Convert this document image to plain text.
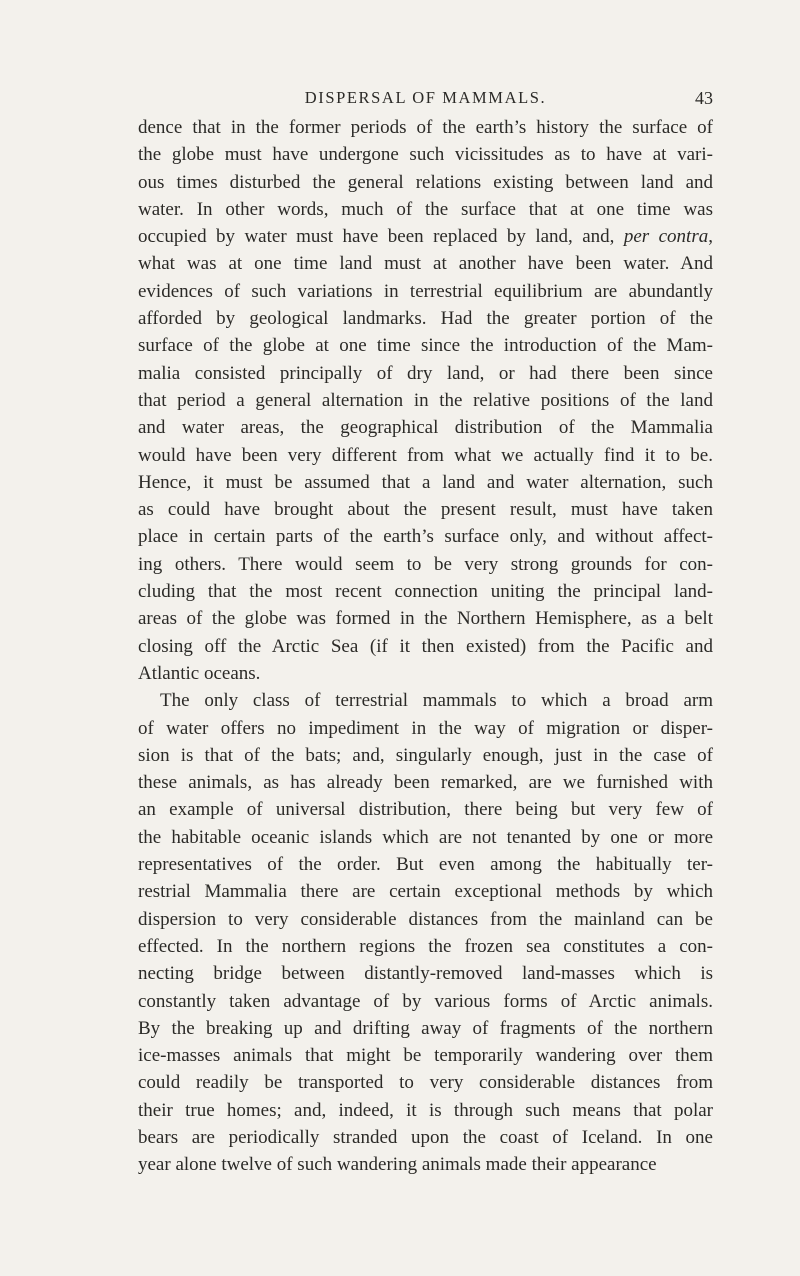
DISPERSAL OF MAMMALS.	43
dence that in the former periods of the earth’s history the surface of
the globe must have undergone such vicissitudes as to have at vari-
ous times disturbed the general relations existing between land and
water. In other words, much of the surface that at one time was
occupied by water must have been replaced by land, and, per contra,
what was at one time land must at another have been water. And
evidences of such variations in terrestrial equilibrium are abundantly
afforded by geological landmarks. Had the greater portion of the
surface of the globe at one time since the introduction of the Mam-
malia consisted principally of dry land, or had there been since
that period a general alternation in the relative positions of the land
and water areas, the geographical distribution of the Mammalia
would have been very different from what we actually find it to be.
Hence, it must be assumed that a land and water alternation, such
as could have brought about the present result, must have taken
place in certain parts of the earth’s surface only, and without affect-
ing others. There would seem to be very strong grounds for con-
cluding that the most recent connection uniting the principal land-
areas of the globe was formed in the Northern Hemisphere, as a belt
closing off the Arctic Sea (if it then existed) from the Pacific and
Atlantic oceans.
The only class of terrestrial mammals to which a broad arm
of water offers no impediment in the way of migration or disper-
sion is that of the bats; and, singularly enough, just in the case of
these animals, as has already been remarked, are we furnished with
an example of universal distribution, there being but very few of
the habitable oceanic islands which are not tenanted by one or more
representatives of the order. But even among the habitually ter-
restrial Mammalia there are certain exceptional methods by which
dispersion to very considerable distances from the mainland can be
effected. In the northern regions the frozen sea constitutes a con-
necting bridge between distantly-removed land-masses which is
constantly taken advantage of by various forms of Arctic animals.
By the breaking up and drifting away of fragments of the northern
ice-masses animals that might be temporarily wandering over them
could readily be transported to very considerable distances from
their true homes; and, indeed, it is through such means that polar
bears are periodically stranded upon the coast of Iceland. In one
year alone twelve of such wandering animals made their appearance
